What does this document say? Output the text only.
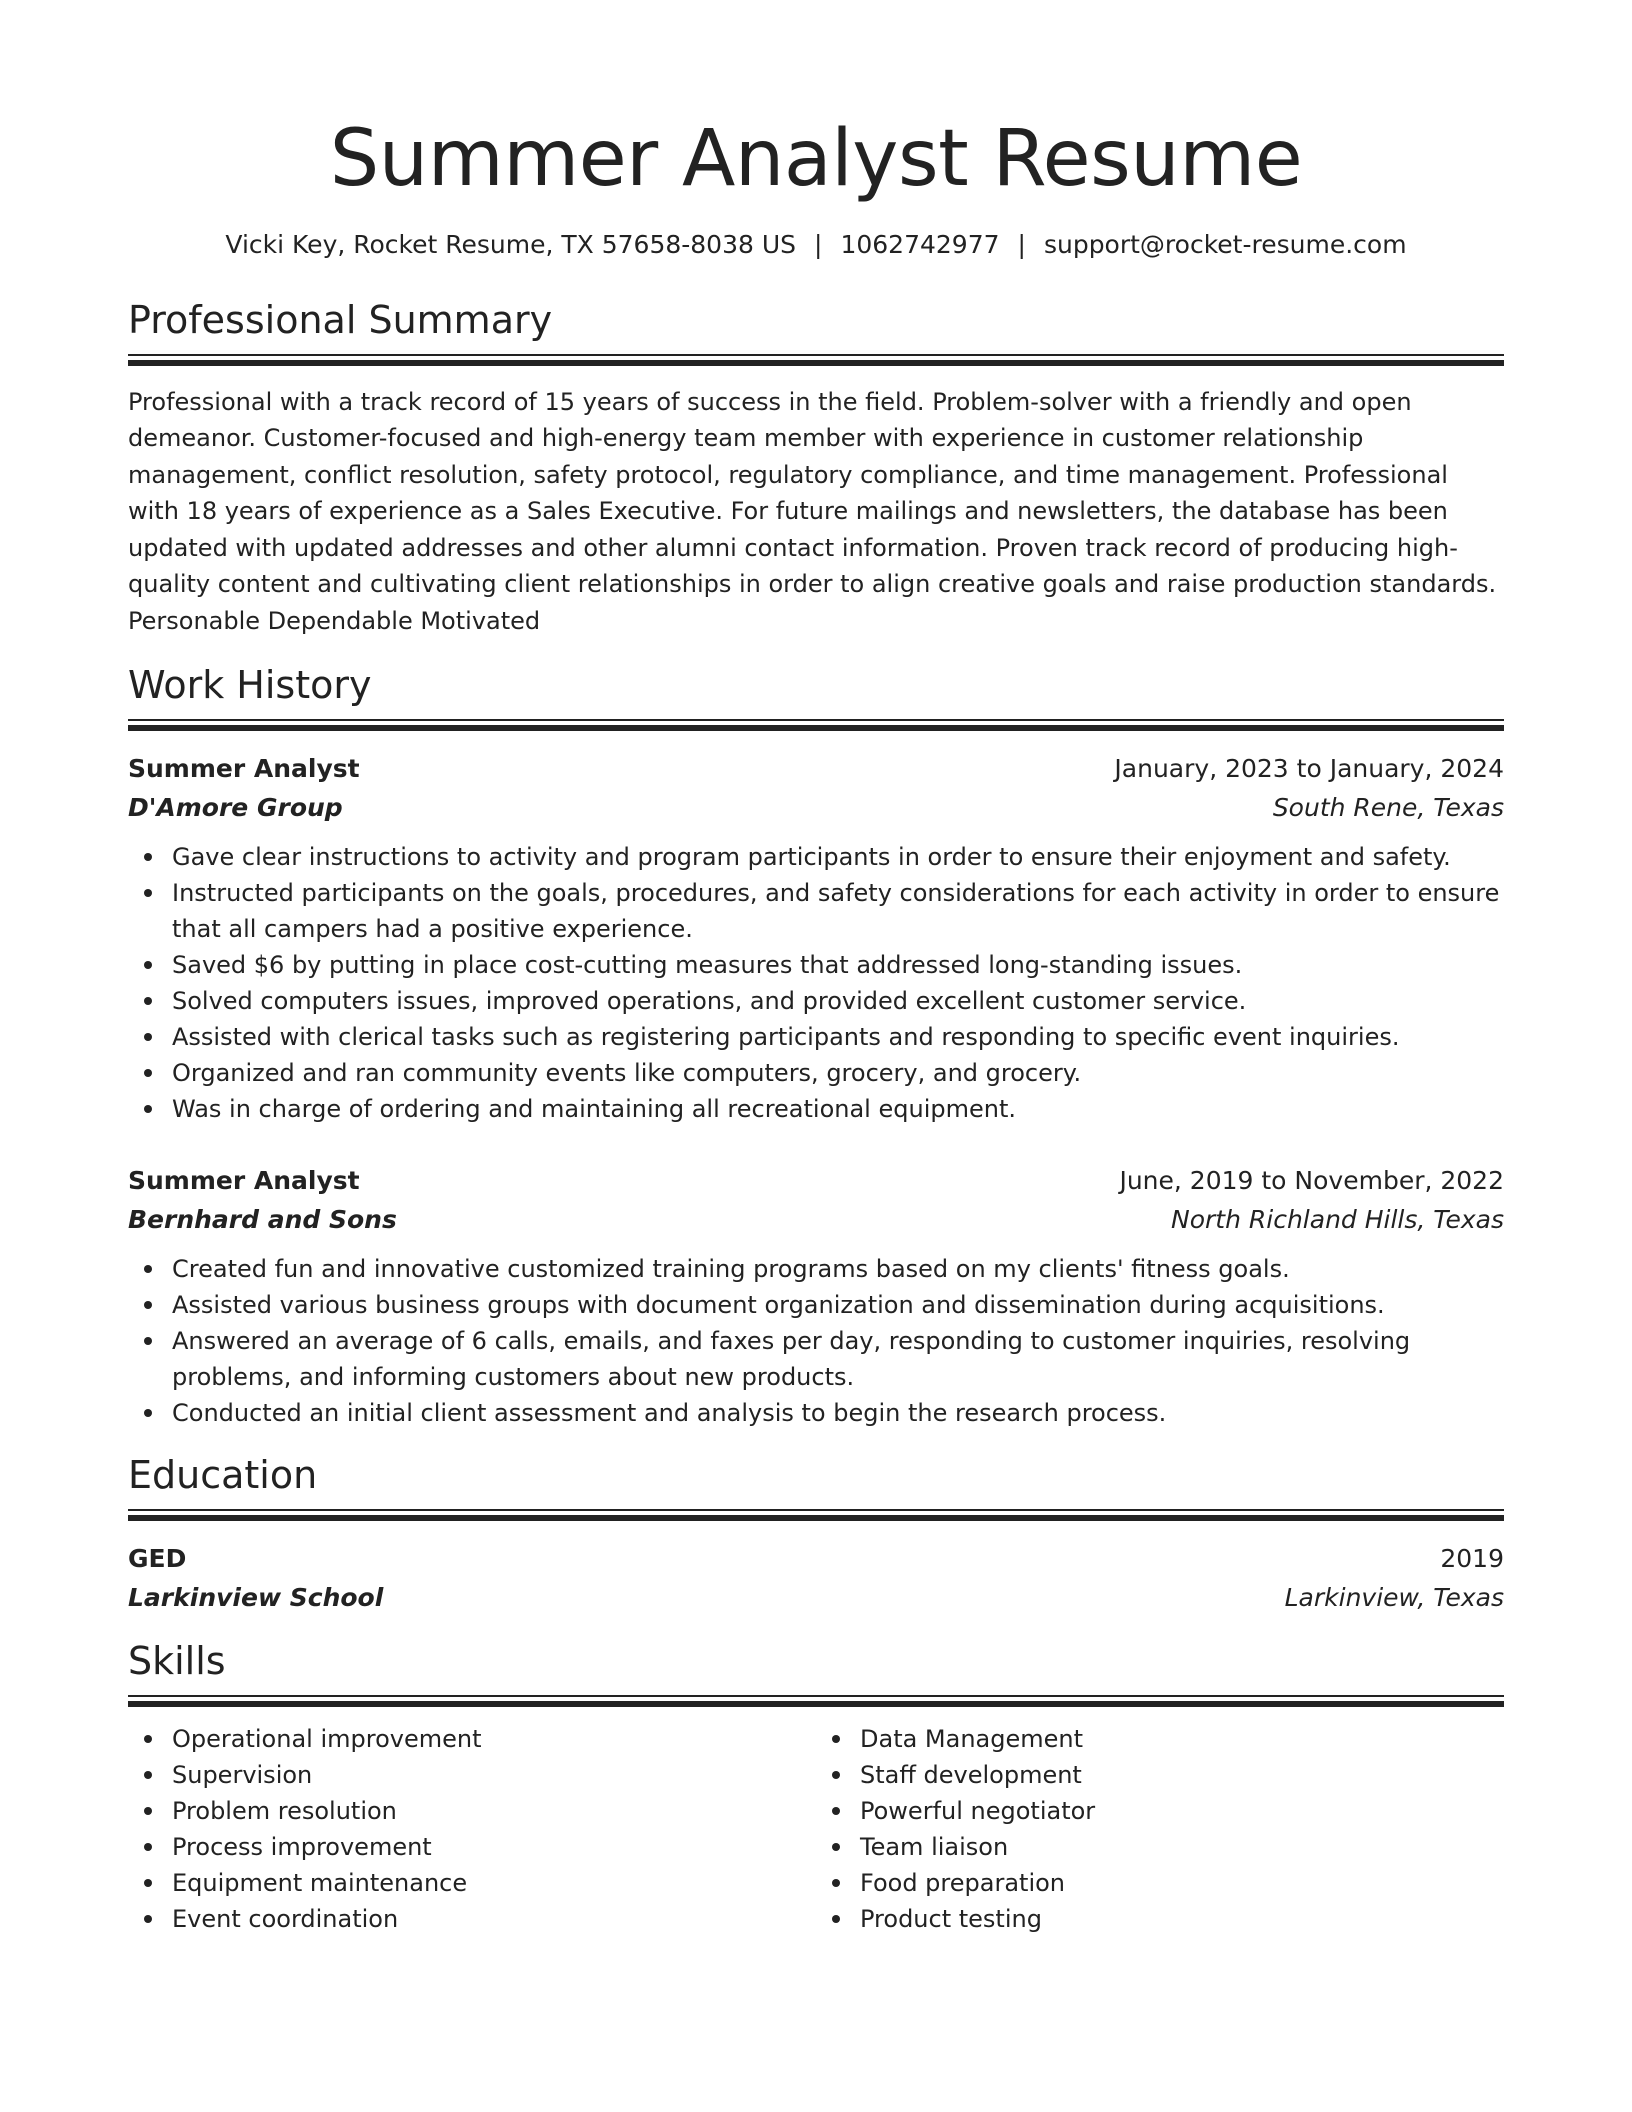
Summer Analyst Resume
Vicki Key, Rocket Resume, TX 57658-8038 US | 1062742977 | support@rocket-resume.com
Professional Summary

Professional with a track record of 15 years of success in the field. Problem-solver with a friendly and open demeanor. Customer-focused and high-energy team member with experience in customer relationship management, conflict resolution, safety protocol, regulatory compliance, and time management. Professional with 18 years of experience as a Sales Executive. For future mailings and newsletters, the database has been updated with updated addresses and other alumni contact information. Proven track record of producing high-quality content and cultivating client relationships in order to align creative goals and raise production standards. Personable Dependable Motivated

Work History
Summer Analyst	January, 2023 to January, 2024
D'Amore Group	South Rene, Texas
Gave clear instructions to activity and program participants in order to ensure their enjoyment and safety.
Instructed participants on the goals, procedures, and safety considerations for each activity in order to ensure that all campers had a positive experience.
Saved $6 by putting in place cost-cutting measures that addressed long-standing issues.
Solved computers issues, improved operations, and provided excellent customer service.
Assisted with clerical tasks such as registering participants and responding to specific event inquiries.
Organized and ran community events like computers, grocery, and grocery.
Was in charge of ordering and maintaining all recreational equipment.
Summer Analyst	June, 2019 to November, 2022
Bernhard and Sons	North Richland Hills, Texas
Created fun and innovative customized training programs based on my clients' fitness goals.
Assisted various business groups with document organization and dissemination during acquisitions.
Answered an average of 6 calls, emails, and faxes per day, responding to customer inquiries, resolving problems, and informing customers about new products.
Conducted an initial client assessment and analysis to begin the research process.
Education
GED	2019
Larkinview School	Larkinview, Texas
Skills
Operational improvement
Supervision
Problem resolution
Process improvement
Equipment maintenance
Event coordination
Data Management
Staff development
Powerful negotiator
Team liaison
Food preparation
Product testing
